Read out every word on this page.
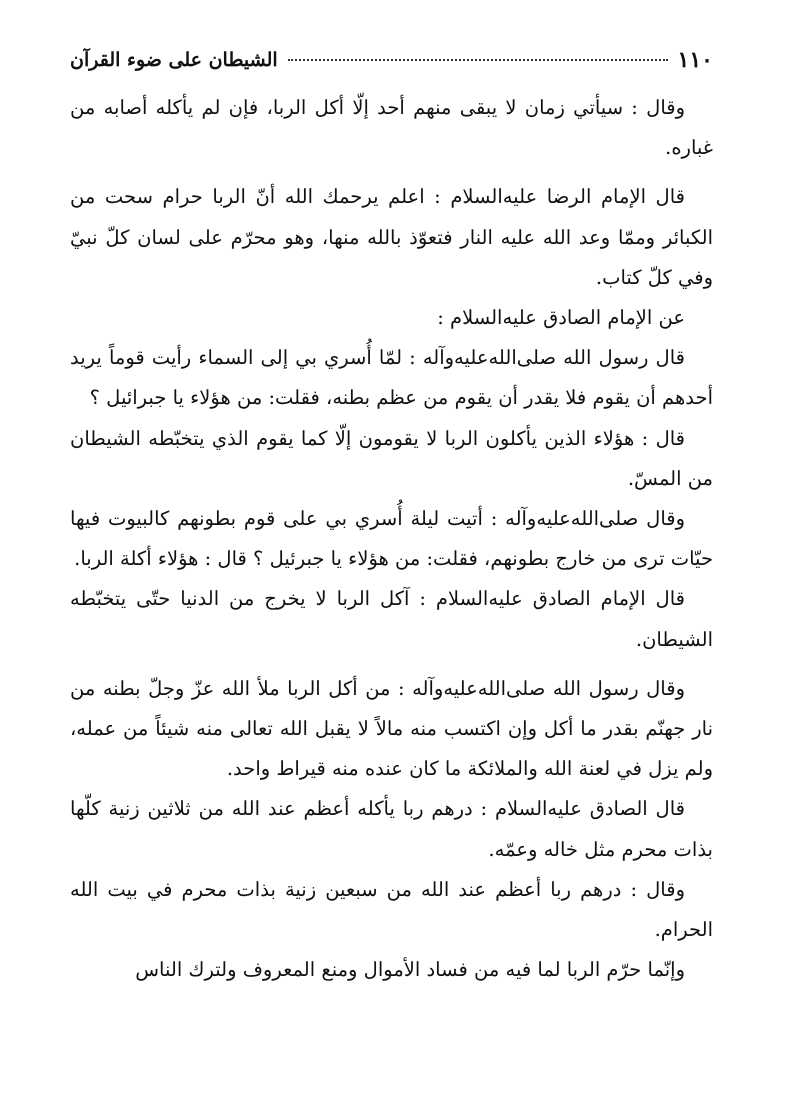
١١٠
الشيطان على ضوء القرآن

وقال : سيأتي زمان لا يبقى منهم أحد إلّا أكل الربا، فإن لم يأكله أصابه من غباره.

قال الإمام الرضا عليه‌السلام : اعلم يرحمك الله أنّ الربا حرام سحت من الكبائر وممّا وعد الله عليه النار فتعوّذ بالله منها، وهو محرّم على لسان كلّ نبيّ وفي كلّ كتاب.

عن الإمام الصادق عليه‌السلام :

قال رسول الله صلى‌الله‌عليه‌وآله : لمّا أُسري بي إلى السماء رأيت قوماً يريد أحدهم أن يقوم فلا يقدر أن يقوم من عظم بطنه، فقلت: من هؤلاء يا جبرائيل ؟

قال : هؤلاء الذين يأكلون الربا لا يقومون إلّا كما يقوم الذي يتخبّطه الشيطان من المسّ.

وقال صلى‌الله‌عليه‌وآله : أتيت ليلة أُسري بي على قوم بطونهم كالبيوت فيها حيّات ترى من خارج بطونهم، فقلت: من هؤلاء يا جبرئيل ؟ قال : هؤلاء أكلة الربا.

قال الإمام الصادق عليه‌السلام : آكل الربا لا يخرج من الدنيا حتّى يتخبّطه الشيطان.

وقال رسول الله صلى‌الله‌عليه‌وآله : من أكل الربا ملأ الله عزّ وجلّ بطنه من نار جهنّم بقدر ما أكل وإن اكتسب منه مالاً لا يقبل الله تعالى منه شيئاً من عمله، ولم يزل في لعنة الله والملائكة ما كان عنده منه قيراط واحد.

قال الصادق عليه‌السلام : درهم ربا يأكله أعظم عند الله من ثلاثين زنية كلّها بذات محرم مثل خاله وعمّه.

وقال : درهم ربا أعظم عند الله من سبعين زنية بذات محرم في بيت الله الحرام.

وإنّما حرّم الربا لما فيه من فساد الأموال ومنع المعروف ولترك الناس
